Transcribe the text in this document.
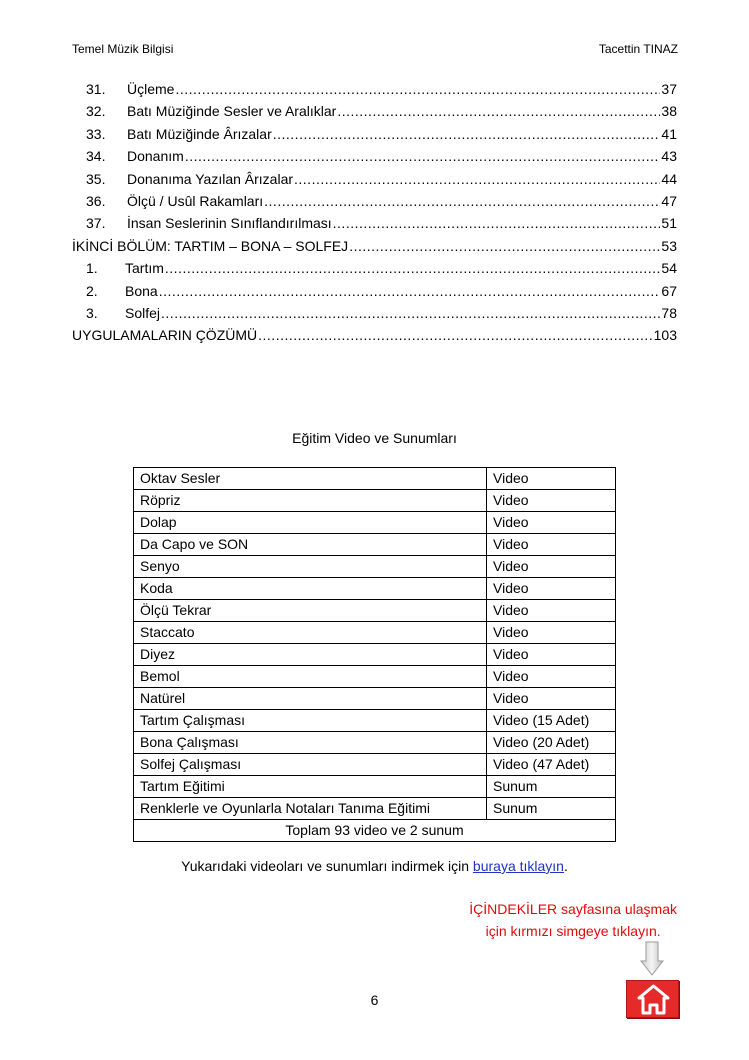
Temel Müzik Bilgisi	Tacettin TINAZ
31.	Üçleme .....	37
32.	Batı Müziğinde Sesler ve Aralıklar .....	38
33.	Batı Müziğinde Ârızalar .....	41
34.	Donanım .....	43
35.	Donanıma Yazılan Ârızalar .....	44
36.	Ölçü / Usûl Rakamları .....	47
37.	İnsan Seslerinin Sınıflandırılması .....	51
İKİNCİ BÖLÜM: TARTIM – BONA – SOLFEJ .....	53
1.	Tartım .....	54
2.	Bona .....	67
3.	Solfej .....	78
UYGULAMALARIN ÇÖZÜMÜ .....	103
Eğitim Video ve Sunumları
Oktav Sesler	Video
Röpriz	Video
Dolap	Video
Da Capo ve SON	Video
Senyo	Video
Koda	Video
Ölçü Tekrar	Video
Staccato	Video
Diyez	Video
Bemol	Video
Natürel	Video
Tartım Çalışması	Video (15 Adet)
Bona Çalışması	Video (20 Adet)
Solfej Çalışması	Video (47 Adet)
Tartım Eğitimi	Sunum
Renklerle ve Oyunlarla Notaları Tanıma Eğitimi	Sunum
Toplam 93 video ve 2 sunum	
Yukarıdaki videoları ve sunumları indirmek için buraya tıklayın.
İÇİNDEKİLER sayfasına ulaşmak
için kırmızı simgeye tıklayın.
6
